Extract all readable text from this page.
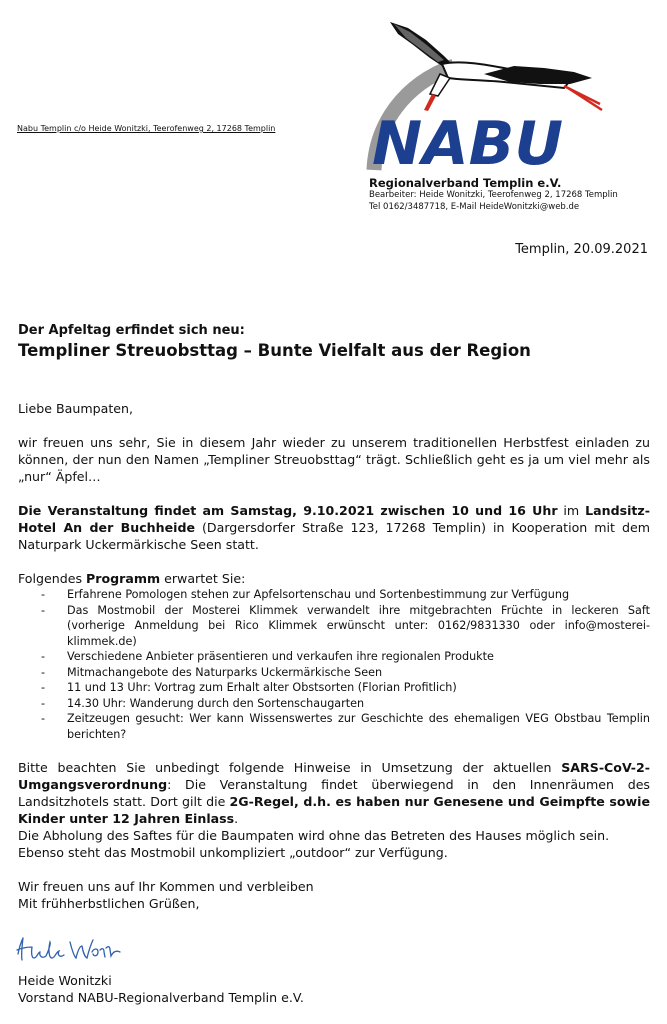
Nabu Templin c/o Heide Wonitzki, Teerofenweg 2, 17268 Templin NABU
Regionalverband Templin e.V.
Bearbeiter: Heide Wonitzki, Teerofenweg 2, 17268 Templin
Tel 0162/3487718, E-Mail HeideWonitzki@web.de
Templin, 20.09.2021
Der Apfeltag erfindet sich neu:
Templiner Streuobsttag – Bunte Vielfalt aus der Region

Liebe Baumpaten,

wir freuen uns sehr, Sie in diesem Jahr wieder zu unserem traditionellen Herbstfest einladen zu können, der nun den Namen „Templiner Streuobsttag“ trägt. Schließlich geht es ja um viel mehr als „nur“ Äpfel…

Die Veranstaltung findet am Samstag, 9.10.2021 zwischen 10 und 16 Uhr im Landsitz-Hotel An der Buchheide (Dargersdorfer Straße 123, 17268 Templin) in Kooperation mit dem Naturpark Uckermärkische Seen statt.

Folgendes Programm erwartet Sie:

- Erfahrene Pomologen stehen zur Apfelsortenschau und Sortenbestimmung zur Verfügung
- Das Mostmobil der Mosterei Klimmek verwandelt ihre mitgebrachten Früchte in leckeren Saft (vorherige Anmeldung bei Rico Klimmek erwünscht unter: 0162/9831330 oder info@mosterei-klimmek.de)
- Verschiedene Anbieter präsentieren und verkaufen ihre regionalen Produkte
- Mitmachangebote des Naturparks Uckermärkische Seen
- 11 und 13 Uhr: Vortrag zum Erhalt alter Obstsorten (Florian Profitlich)
- 14.30 Uhr: Wanderung durch den Sortenschaugarten
- Zeitzeugen gesucht: Wer kann Wissenswertes zur Geschichte des ehemaligen VEG Obstbau Templin berichten?

Bitte beachten Sie unbedingt folgende Hinweise in Umsetzung der aktuellen SARS-CoV-2-Umgangsverordnung: Die Veranstaltung findet überwiegend in den Innenräumen des Landsitzhotels statt. Dort gilt die 2G-Regel, d.h. es haben nur Genesene und Geimpfte sowie Kinder unter 12 Jahren Einlass.

Die Abholung des Saftes für die Baumpaten wird ohne das Betreten des Hauses möglich sein.

Ebenso steht das Mostmobil unkompliziert „outdoor“ zur Verfügung.

Wir freuen uns auf Ihr Kommen und verbleiben

Mit frühherbstlichen Grüßen,

Heide Wonitzki
Vorstand NABU-Regionalverband Templin e.V.
